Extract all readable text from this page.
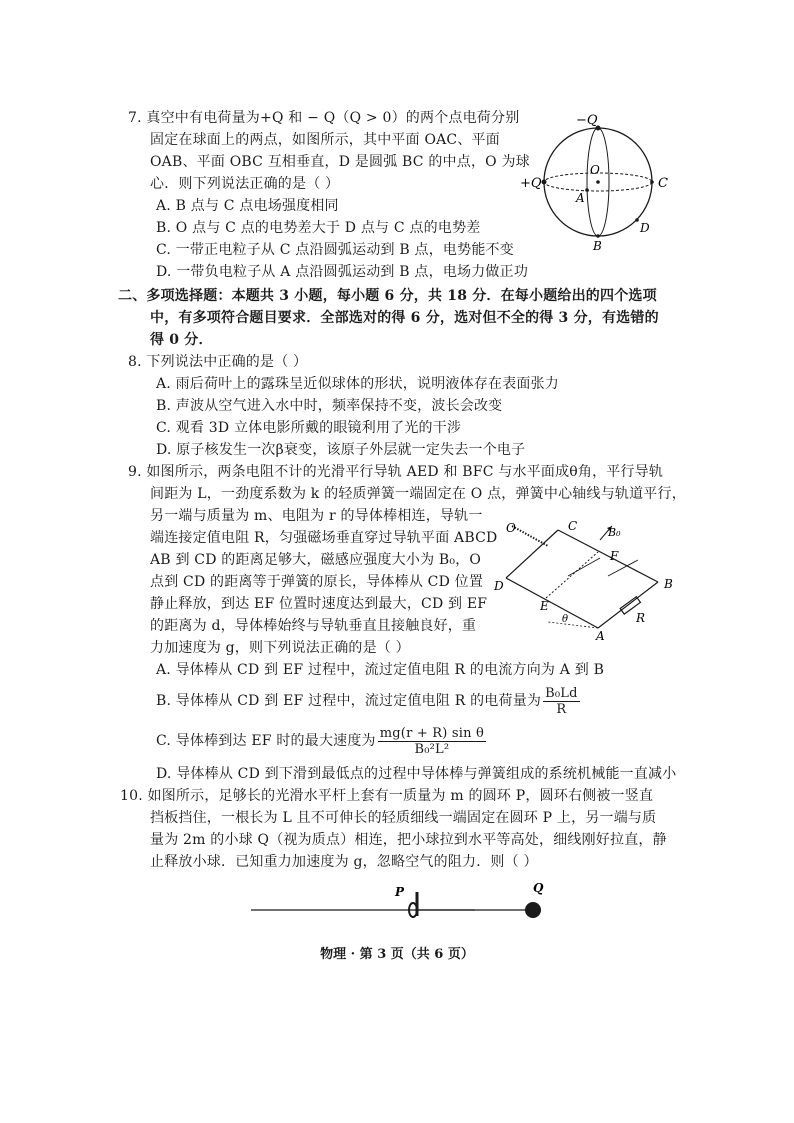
7. 真空中有电荷量为+Q 和 − Q（Q > 0）的两个点电荷分别
固定在球面上的两点，如图所示，其中平面 OAC、平面
OAB、平面 OBC 互相垂直，D 是圆弧 BC 的中点，O 为球
心．则下列说法正确的是（ ）
A. B 点与 C 点电场强度相同
B. O 点与 C 点的电势差大于 D 点与 C 点的电势差
C. 一带正电粒子从 C 点沿圆弧运动到 B 点，电势能不变
D. 一带负电粒子从 A 点沿圆弧运动到 B 点，电场力做正功
−Q
+Q
O
C
A
B
D
二、多项选择题：本题共 3 小题，每小题 6 分，共 18 分．在每小题给出的四个选项
中，有多项符合题目要求．全部选对的得 6 分，选对但不全的得 3 分，有选错的
得 0 分．
8. 下列说法中正确的是（ ）
A. 雨后荷叶上的露珠呈近似球体的形状，说明液体存在表面张力
B. 声波从空气进入水中时，频率保持不变，波长会改变
C. 观看 3D 立体电影所戴的眼镜利用了光的干涉
D. 原子核发生一次β衰变，该原子外层就一定失去一个电子
9. 如图所示，两条电阻不计的光滑平行导轨 AED 和 BFC 与水平面成θ角，平行导轨
间距为 L，一劲度系数为 k 的轻质弹簧一端固定在 O 点，弹簧中心轴线与轨道平行，
另一端与质量为 m、电阻为 r 的导体棒相连，导轨一
端连接定值电阻 R，匀强磁场垂直穿过导轨平面 ABCD
AB 到 CD 的距离足够大，磁感应强度大小为 B₀，O
点到 CD 的距离等于弹簧的原长，导体棒从 CD 位置
静止释放，到达 EF 位置时速度达到最大，CD 到 EF
的距离为 d，导体棒始终与导轨垂直且接触良好，重
力加速度为 g，则下列说法正确的是（ ）
O	C	B₀
F
D
E
θ
B
R
A
A. 导体棒从 CD 到 EF 过程中，流过定值电阻 R 的电流方向为 A 到 B
B. 导体棒从 CD 到 EF 过程中，流过定值电阻 R 的电荷量为 $\frac{\text{B₀Ld}}{R}$
C. 导体棒到达 EF 时的最大速度为 $\frac{\text{mg(r + R) sin θ}}{\text{B₀²L²}}$
D. 导体棒从 CD 到下滑到最低点的过程中导体棒与弹簧组成的系统机械能一直减小
10. 如图所示，足够长的光滑水平杆上套有一质量为 m 的圆环 P，圆环右侧被一竖直
挡板挡住，一根长为 L 且不可伸长的轻质细线一端固定在圆环 P 上，另一端与质
量为 2m 的小球 Q（视为质点）相连，把小球拉到水平等高处，细线刚好拉直，静
止释放小球．已知重力加速度为 g，忽略空气的阻力．则（ ）
P	Q
物理 · 第 3 页（共 6 页）
